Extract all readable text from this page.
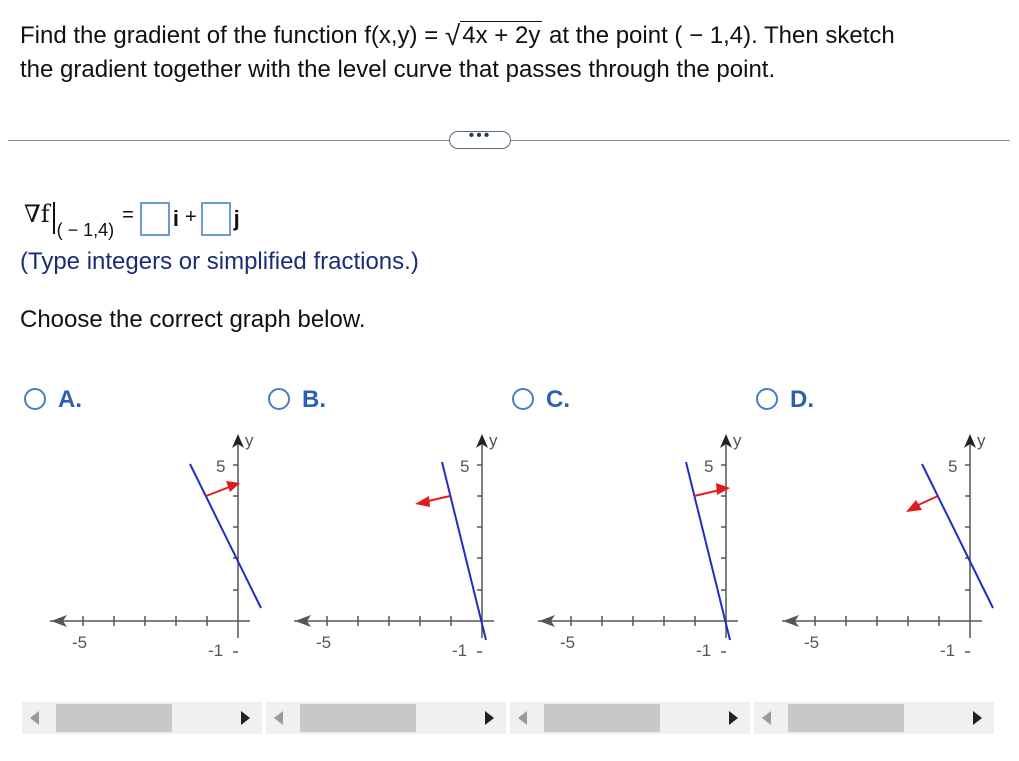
Find the gradient of the function f(x,y) = √4x + 2y at the point ( − 1,4). Then sketch
the gradient together with the level curve that passes through the point.
•••
∇f
( − 1,4)
= i + j
(Type integers or simplified fractions.)
Choose the correct graph below.
A.
y
5
-1
-5
B.
y
5
-1
-5
C.
y
5
-1
-5
D.
y
5
-1
-5
